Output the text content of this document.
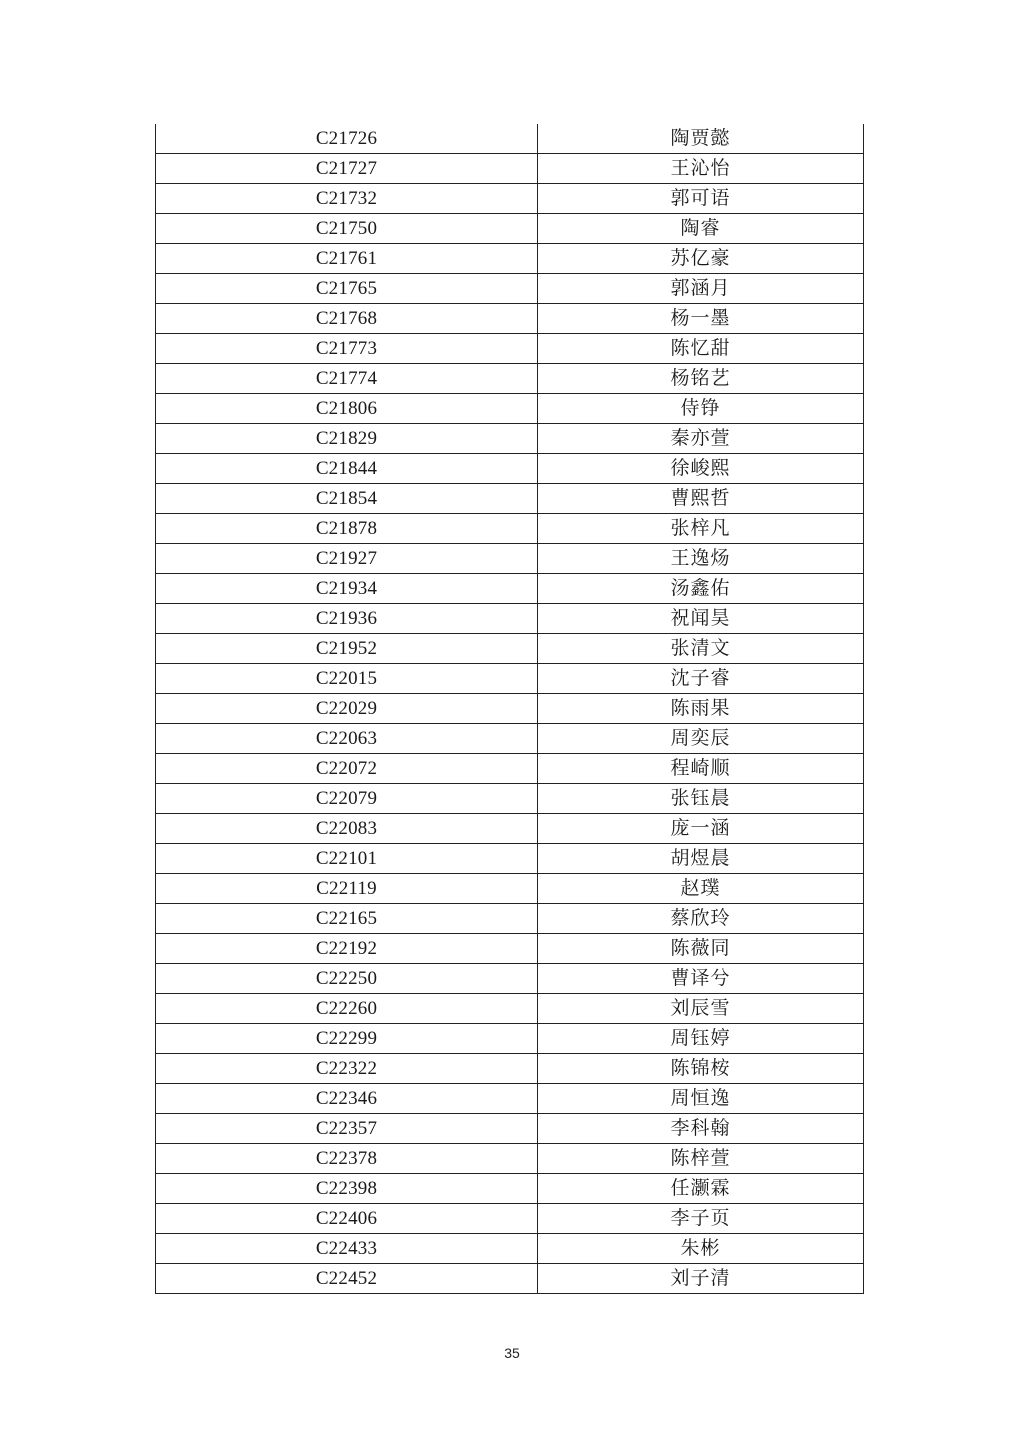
C21726	陶贾懿
C21727	王沁怡
C21732	郭可语
C21750	陶睿
C21761	苏亿豪
C21765	郭涵月
C21768	杨一墨
C21773	陈忆甜
C21774	杨铭艺
C21806	侍铮
C21829	秦亦萱
C21844	徐峻熙
C21854	曹熙哲
C21878	张梓凡
C21927	王逸炀
C21934	汤鑫佑
C21936	祝闻昊
C21952	张清文
C22015	沈子睿
C22029	陈雨果
C22063	周奕辰
C22072	程崎顺
C22079	张钰晨
C22083	庞一涵
C22101	胡煜晨
C22119	赵璞
C22165	蔡欣玲
C22192	陈薇同
C22250	曹译兮
C22260	刘辰雪
C22299	周钰婷
C22322	陈锦桉
C22346	周恒逸
C22357	李科翰
C22378	陈梓萱
C22398	任灏霖
C22406	李子页
C22433	朱彬
C22452	刘子清
35
